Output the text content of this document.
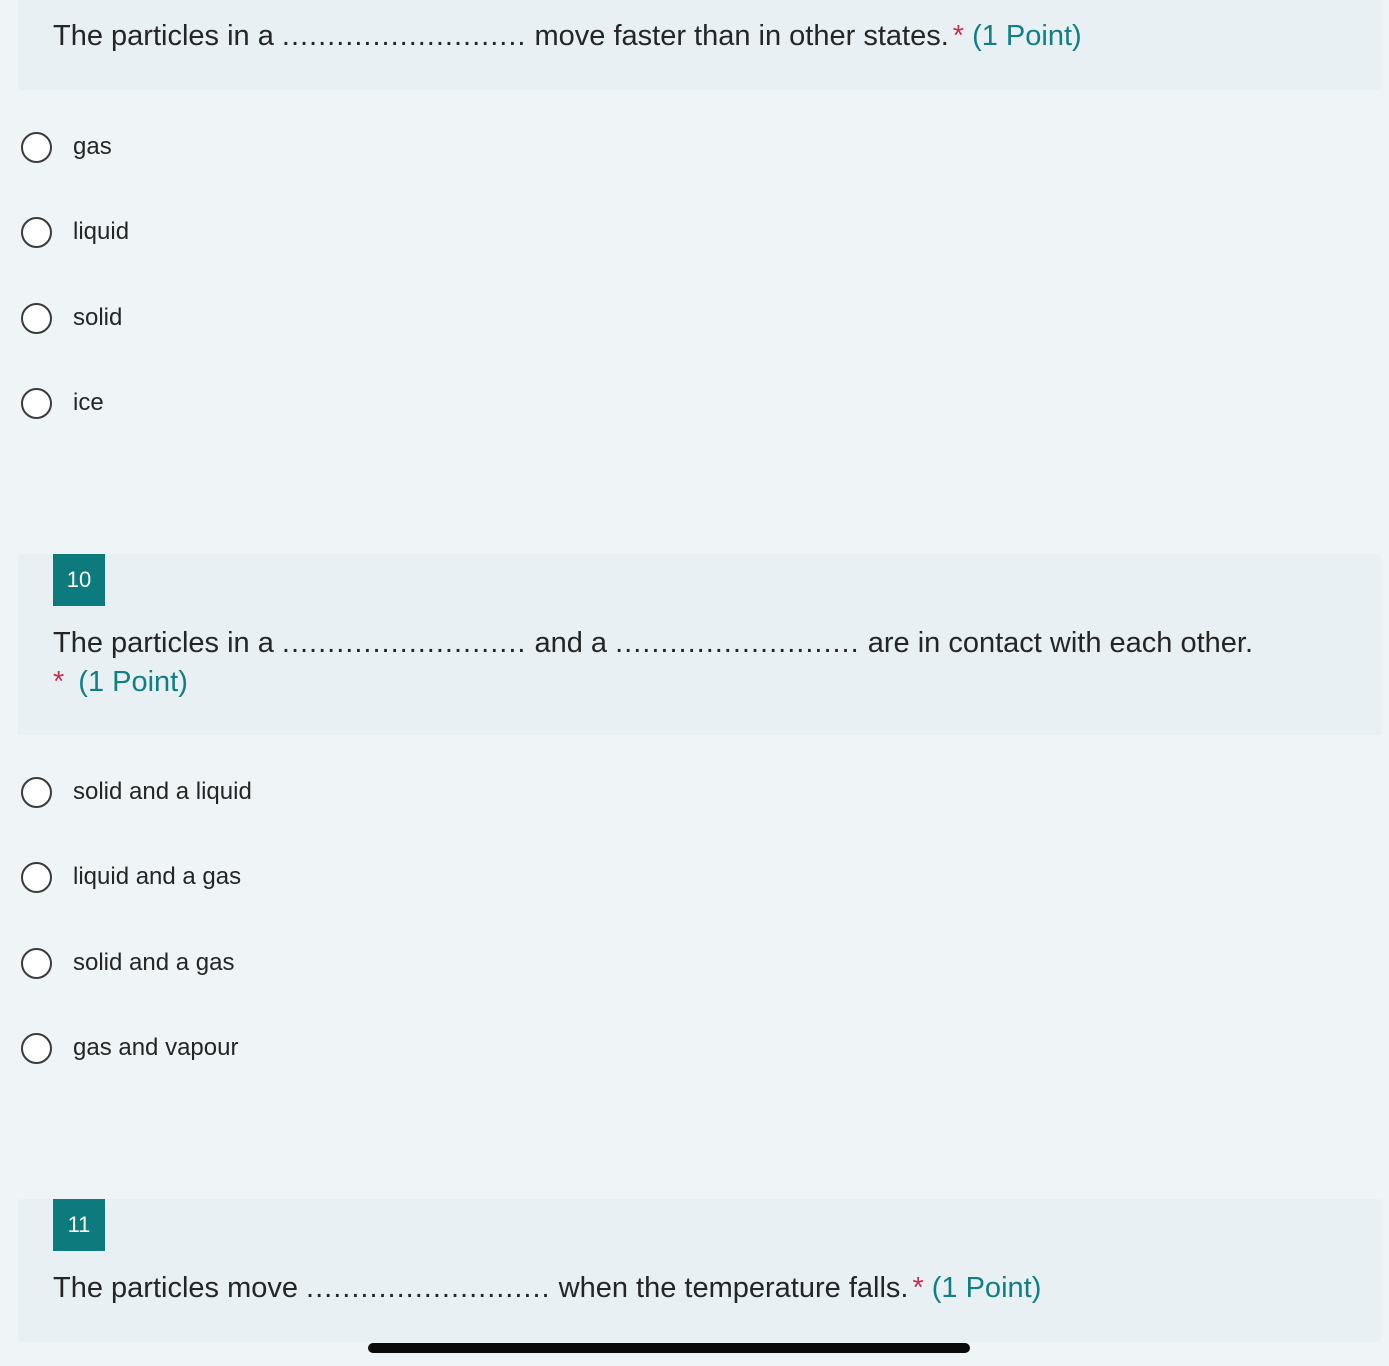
The particles in a ........................... move faster than in other states. * (1 Point)
gas
liquid
solid
ice
10
The particles in a ........................... and a ........................... are in contact with each other.
* (1 Point)
solid and a liquid
liquid and a gas
solid and a gas
gas and vapour
11
The particles move ........................... when the temperature falls. * (1 Point)
